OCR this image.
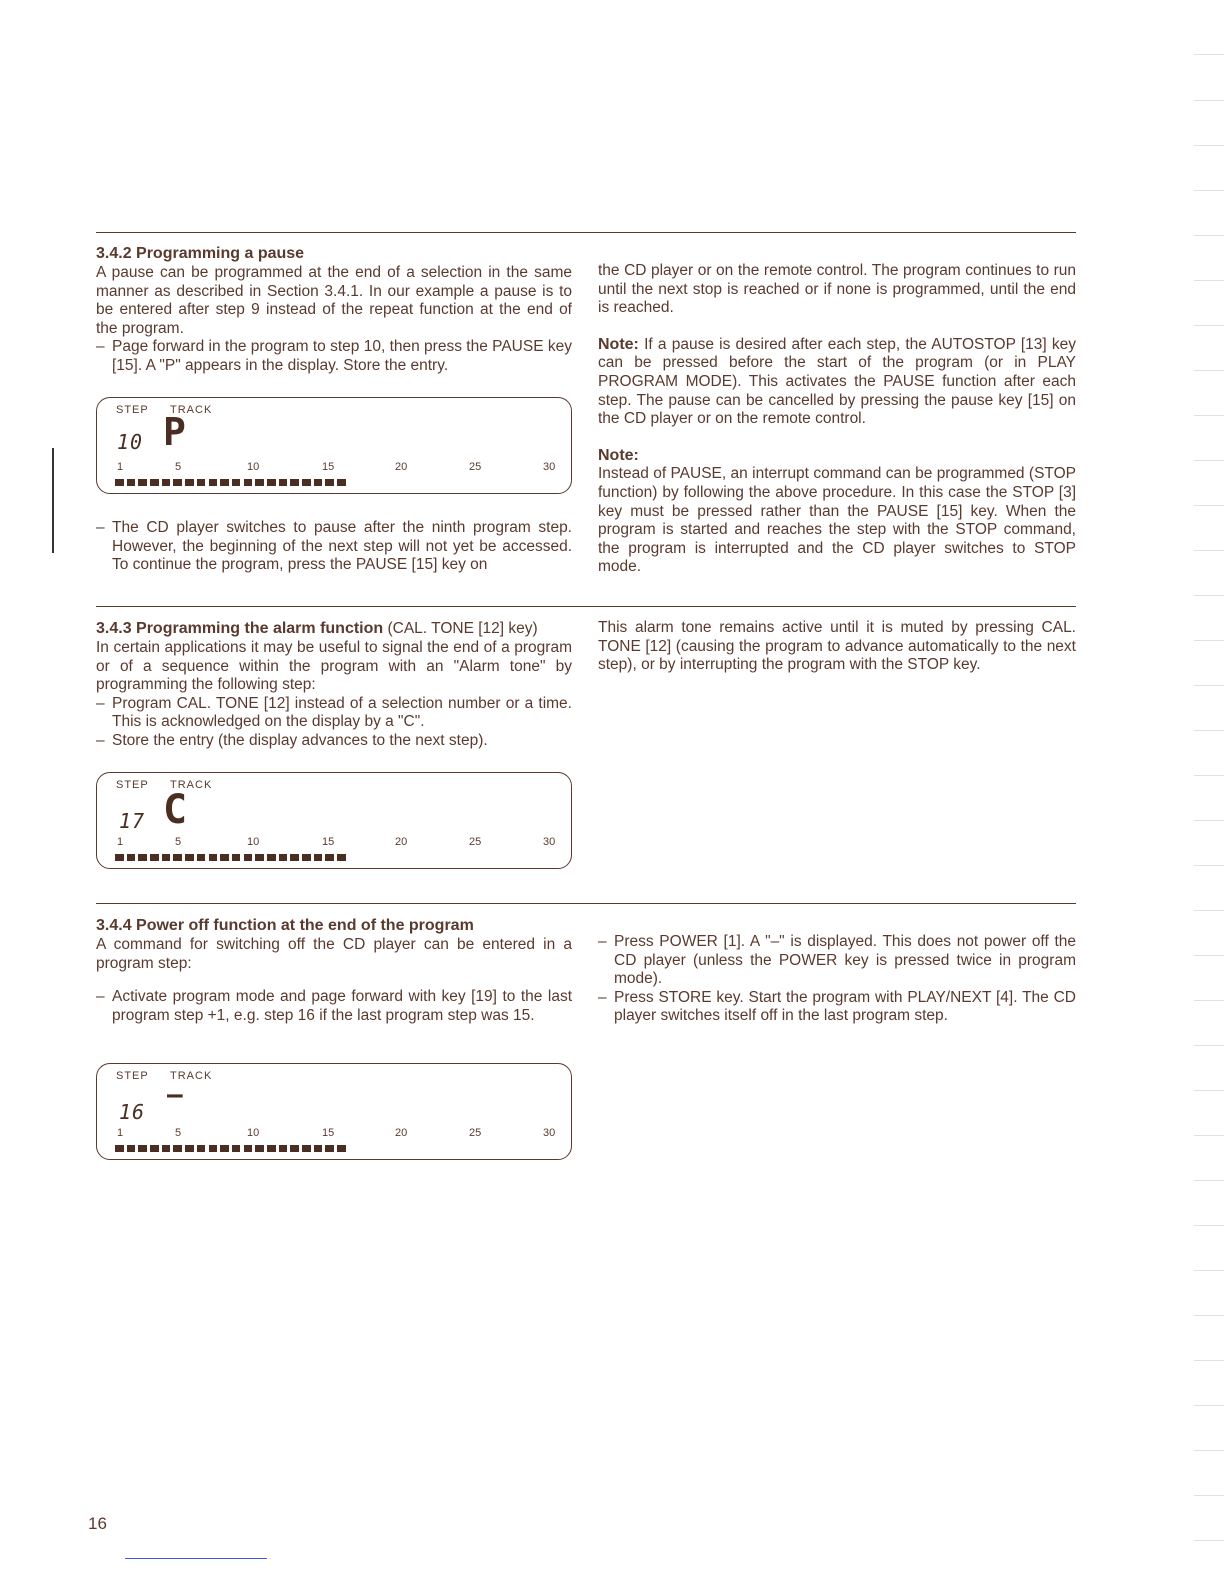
3.4.2 Programming a pause

A pause can be programmed at the end of a selection in the same manner as described in Section 3.4.1. In our example a pause is to be entered after step 9 instead of the repeat function at the end of the program.

– Page forward in the program to step 10, then press the PAUSE key [15]. A "P" appears in the display. Store the entry.
– The CD player switches to pause after the ninth program step. However, the beginning of the next step will not yet be accessed. To continue the program, press the PAUSE [15] key on

the CD player or on the remote control. The program continues to run until the next stop is reached or if none is programmed, until the end is reached.

Note: If a pause is desired after each step, the AUTOSTOP [13] key can be pressed before the start of the program (or in PLAY PROGRAM MODE). This activates the PAUSE function after each step. The pause can be cancelled by pressing the pause key [15] on the CD player or on the remote control.

Note:

Instead of PAUSE, an interrupt command can be programmed (STOP function) by following the above procedure. In this case the STOP [3] key must be pressed rather than the PAUSE [15] key. When the program is started and reaches the step with the STOP command, the program is interrupted and the CD player switches to STOP mode.

STEP TRACK
10 P
1	5	10	15	20	25	30

3.4.3 Programming the alarm function (CAL. TONE [12] key)

In certain applications it may be useful to signal the end of a program or of a sequence within the program with an "Alarm tone" by programming the following step:

– Program CAL. TONE [12] instead of a selection number or a time. This is acknowledged on the display by a "C".
– Store the entry (the display advances to the next step).

This alarm tone remains active until it is muted by pressing CAL. TONE [12] (causing the program to advance automatically to the next step), or by interrupting the program with the STOP key.

STEP TRACK
17 C
1	5	10	15	20	25	30

3.4.4 Power off function at the end of the program

A command for switching off the CD player can be entered in a program step:

– Activate program mode and page forward with key [19] to the last program step +1, e.g. step 16 if the last program step was 15.
– Press POWER [1]. A "–" is displayed. This does not power off the CD player (unless the POWER key is pressed twice in program mode).
– Press STORE key. Start the program with PLAY/NEXT [4]. The CD player switches itself off in the last program step.
STEP TRACK
16
–
1	5	10	15	20	25	30
16
